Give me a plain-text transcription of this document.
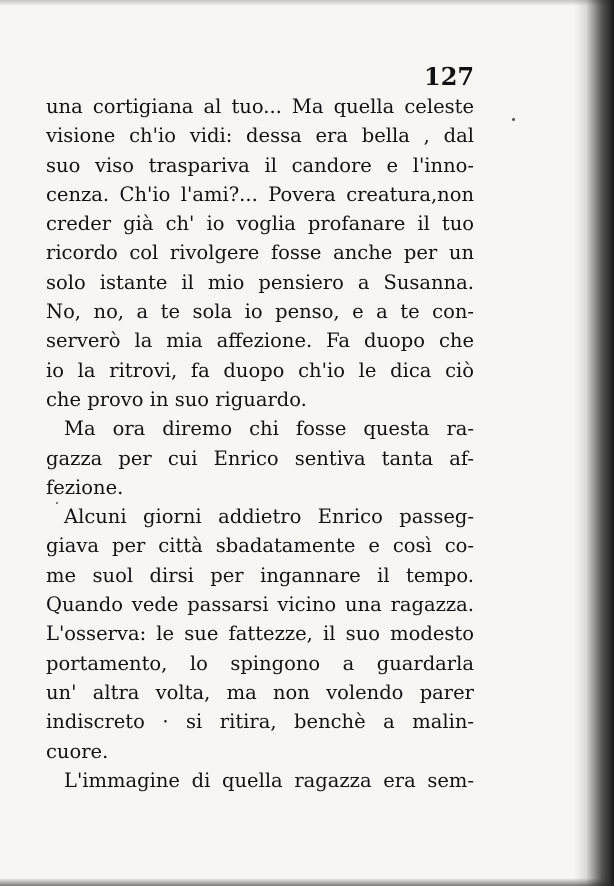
127
una cortigiana al tuo... Ma quella celeste
visione ch'io vidi: dessa era bella , dal
suo viso traspariva il candore e l'inno-
cenza. Ch'io l'ami?... Povera creatura,non
creder già ch' io voglia profanare il tuo
ricordo col rivolgere fosse anche per un
solo istante il mio pensiero a Susanna.
No, no, a te sola io penso, e a te con-
serverò la mia affezione. Fa duopo che
io la ritrovi, fa duopo ch'io le dica ciò
che provo in suo riguardo.
Ma ora diremo chi fosse questa ra-
gazza per cui Enrico sentiva tanta af-
fezione.
Alcuni giorni addietro Enrico passeg-
giava per città sbadatamente e così co-
me suol dirsi per ingannare il tempo.
Quando vede passarsi vicino una ragazza.
L'osserva: le sue fattezze, il suo modesto
portamento, lo spingono a guardarla
un' altra volta, ma non volendo parer
indiscreto · si ritira, benchè a malin-
cuore.
L'immagine di quella ragazza era sem-
